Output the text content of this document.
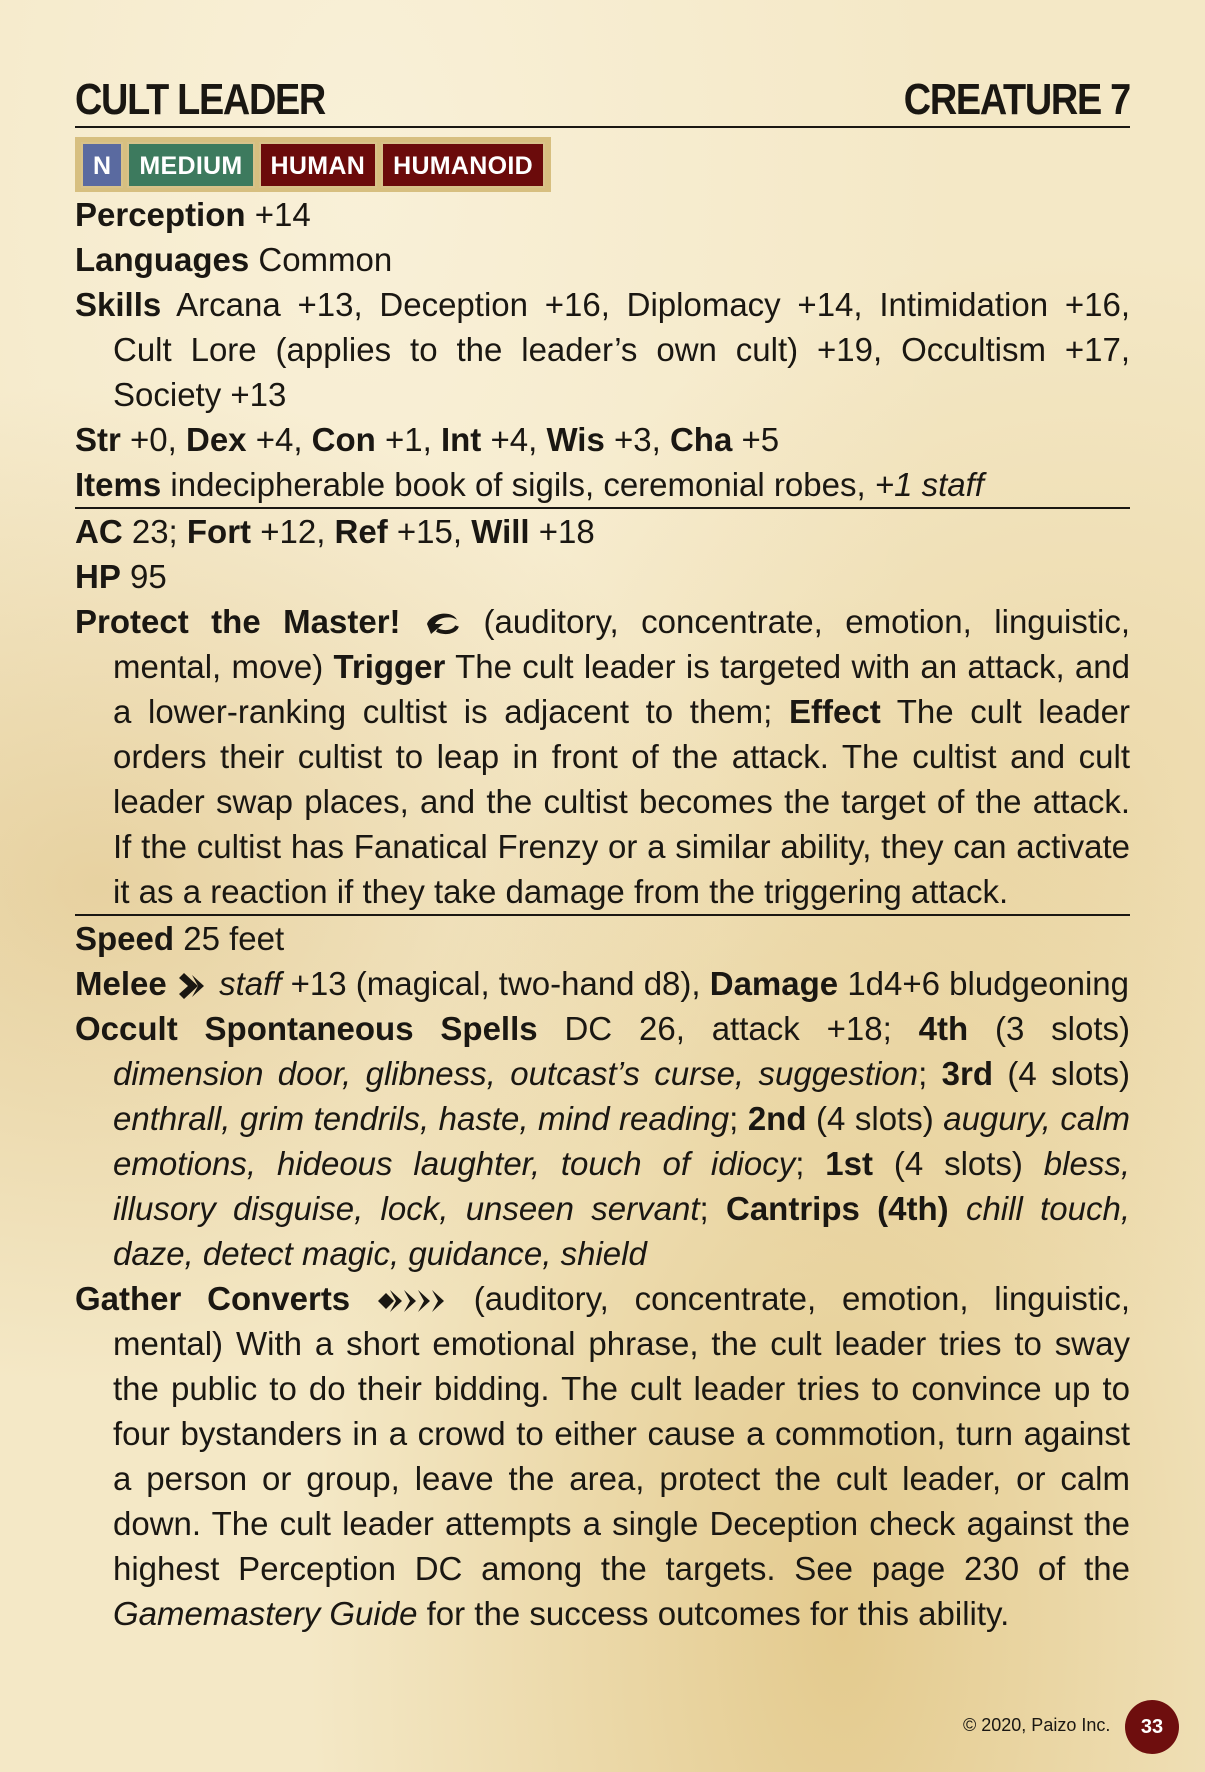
CULT LEADER	CREATURE 7
N	MEDIUM	HUMAN	HUMANOID
Perception +14
Languages Common
Skills Arcana +13, Deception +16, Diplomacy +14, Intimidation +16, Cult Lore (applies to the leader’s own cult) +19, Occultism +17, Society +13
Str +0, Dex +4, Con +1, Int +4, Wis +3, Cha +5
Items indecipherable book of sigils, ceremonial robes, +1 staff
AC 23; Fort +12, Ref +15, Will +18
HP 95
Protect the Master!	(auditory, concentrate, emotion, linguistic, mental, move) Trigger The cult leader is targeted with an attack, and a lower-ranking cultist is adjacent to them; Effect The cult leader orders their cultist to leap in front of the attack. The cultist and cult leader swap places, and the cultist becomes the target of the attack. If the cultist has Fanatical Frenzy or a similar ability, they can activate it as a reaction if they take damage from the triggering attack.
Speed 25 feet
Melee staff +13 (magical, two-hand d8), Damage 1d4+6 bludgeoning
Occult Spontaneous Spells DC 26, attack +18; 4th (3 slots) dimension door, glibness, outcast’s curse, suggestion; 3rd (4 slots) enthrall, grim tendrils, haste, mind reading; 2nd (4 slots) augury, calm emotions, hideous laughter, touch of idiocy; 1st (4 slots) bless, illusory disguise, lock, unseen servant; Cantrips (4th) chill touch, daze, detect magic, guidance, shield
Gather Converts	(auditory, concentrate, emotion, linguistic, mental) With a short emotional phrase, the cult leader tries to sway the public to do their bidding. The cult leader tries to convince up to four bystanders in a crowd to either cause a commotion, turn against a person or group, leave the area, protect the cult leader, or calm down. The cult leader attempts a single Deception check against the highest Perception DC among the targets. See page 230 of the Gamemastery Guide for the success outcomes for this ability.
© 2020, Paizo Inc.	33
